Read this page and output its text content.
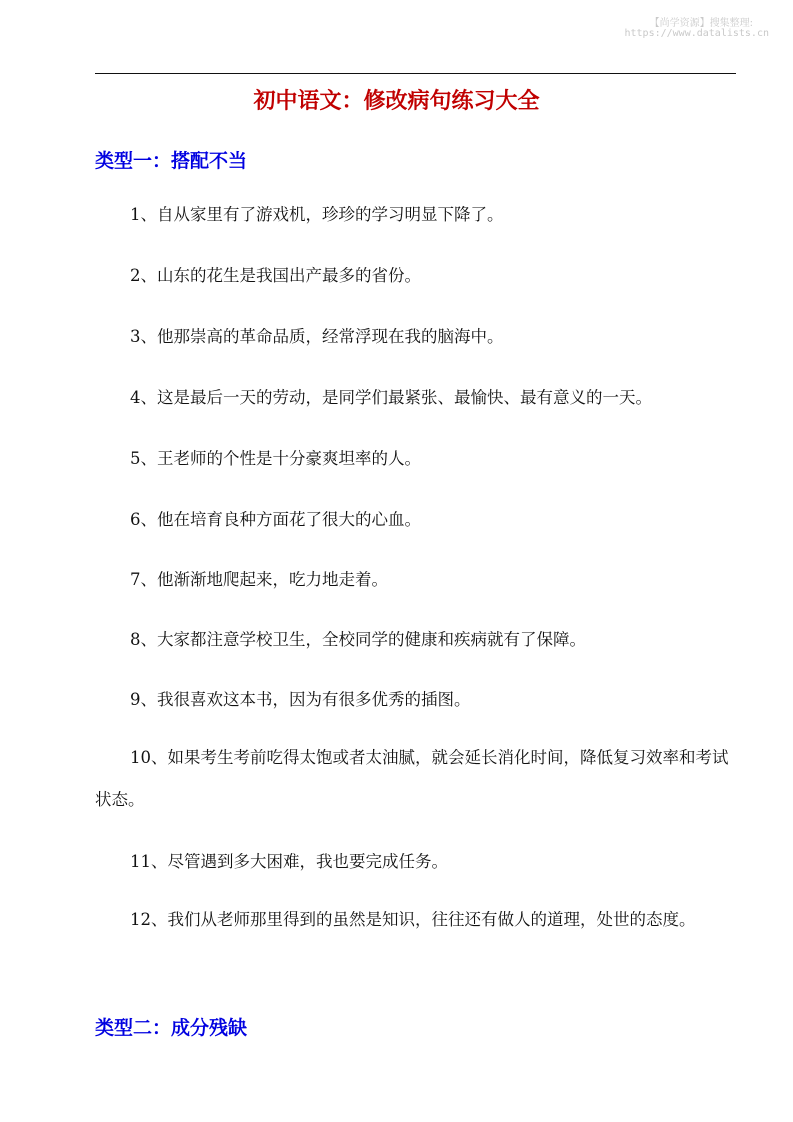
【尚学资源】搜集整理:
https://www.datalists.cn
初中语文：修改病句练习大全
类型一：搭配不当
1、自从家里有了游戏机，珍珍的学习明显下降了。
2、山东的花生是我国出产最多的省份。
3、他那崇高的革命品质，经常浮现在我的脑海中。
4、这是最后一天的劳动，是同学们最紧张、最愉快、最有意义的一天。
5、王老师的个性是十分豪爽坦率的人。
6、他在培育良种方面花了很大的心血。
7、他渐渐地爬起来，吃力地走着。
8、大家都注意学校卫生，全校同学的健康和疾病就有了保障。
9、我很喜欢这本书，因为有很多优秀的插图。
10、如果考生考前吃得太饱或者太油腻，就会延长消化时间，降低复习效率和考试状态。
11、尽管遇到多大困难，我也要完成任务。
12、我们从老师那里得到的虽然是知识，往往还有做人的道理，处世的态度。
类型二：成分残缺
